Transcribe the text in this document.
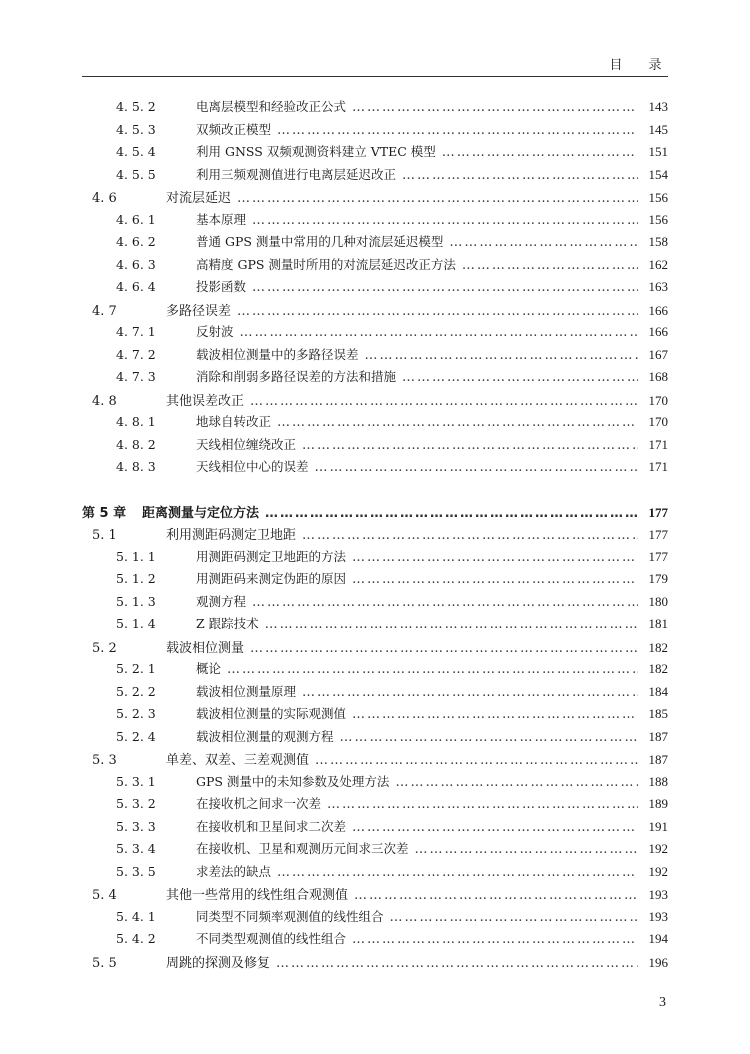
目　录
4. 5. 2	电离层模型和经验改正公式 ……………………………………………………………………………………………………………………………………………………………………………………………	143
4. 5. 3	双频改正模型 ……………………………………………………………………………………………………………………………………………………………………………………………	145
4. 5. 4	利用 GNSS 双频观测资料建立 VTEC 模型 ……………………………………………………………………………………………………………………………………………………………………………………………	151
4. 5. 5	利用三频观测值进行电离层延迟改正 ……………………………………………………………………………………………………………………………………………………………………………………………	154
4. 6	对流层延迟 ……………………………………………………………………………………………………………………………………………………………………………………………	156
4. 6. 1	基本原理 ……………………………………………………………………………………………………………………………………………………………………………………………	156
4. 6. 2	普通 GPS 测量中常用的几种对流层延迟模型 ……………………………………………………………………………………………………………………………………………………………………………………………	158
4. 6. 3	高精度 GPS 测量时所用的对流层延迟改正方法 ……………………………………………………………………………………………………………………………………………………………………………………………	162
4. 6. 4	投影函数 ……………………………………………………………………………………………………………………………………………………………………………………………	163
4. 7	多路径误差 ……………………………………………………………………………………………………………………………………………………………………………………………	166
4. 7. 1	反射波 ……………………………………………………………………………………………………………………………………………………………………………………………	166
4. 7. 2	载波相位测量中的多路径误差 ……………………………………………………………………………………………………………………………………………………………………………………………	167
4. 7. 3	消除和削弱多路径误差的方法和措施 ……………………………………………………………………………………………………………………………………………………………………………………………	168
4. 8	其他误差改正 ……………………………………………………………………………………………………………………………………………………………………………………………	170
4. 8. 1	地球自转改正 ……………………………………………………………………………………………………………………………………………………………………………………………	170
4. 8. 2	天线相位缠绕改正 ……………………………………………………………………………………………………………………………………………………………………………………………	171
4. 8. 3	天线相位中心的误差 ……………………………………………………………………………………………………………………………………………………………………………………………	171
第 5 章	距离测量与定位方法 ……………………………………………………………………………………………………………………………………………………………………………………………	177
5. 1	利用测距码测定卫地距 ……………………………………………………………………………………………………………………………………………………………………………………………	177
5. 1. 1	用测距码测定卫地距的方法 ……………………………………………………………………………………………………………………………………………………………………………………………	177
5. 1. 2	用测距码来测定伪距的原因 ……………………………………………………………………………………………………………………………………………………………………………………………	179
5. 1. 3	观测方程 ……………………………………………………………………………………………………………………………………………………………………………………………	180
5. 1. 4	Z 跟踪技术 ……………………………………………………………………………………………………………………………………………………………………………………………	181
5. 2	载波相位测量 ……………………………………………………………………………………………………………………………………………………………………………………………	182
5. 2. 1	概论 ……………………………………………………………………………………………………………………………………………………………………………………………	182
5. 2. 2	载波相位测量原理 ……………………………………………………………………………………………………………………………………………………………………………………………	184
5. 2. 3	载波相位测量的实际观测值 ……………………………………………………………………………………………………………………………………………………………………………………………	185
5. 2. 4	载波相位测量的观测方程 ……………………………………………………………………………………………………………………………………………………………………………………………	187
5. 3	单差、双差、三差观测值 ……………………………………………………………………………………………………………………………………………………………………………………………	187
5. 3. 1	GPS 测量中的未知参数及处理方法 ……………………………………………………………………………………………………………………………………………………………………………………………	188
5. 3. 2	在接收机之间求一次差 ……………………………………………………………………………………………………………………………………………………………………………………………	189
5. 3. 3	在接收机和卫星间求二次差 ……………………………………………………………………………………………………………………………………………………………………………………………	191
5. 3. 4	在接收机、卫星和观测历元间求三次差 ……………………………………………………………………………………………………………………………………………………………………………………………	192
5. 3. 5	求差法的缺点 ……………………………………………………………………………………………………………………………………………………………………………………………	192
5. 4	其他一些常用的线性组合观测值 ……………………………………………………………………………………………………………………………………………………………………………………………	193
5. 4. 1	同类型不同频率观测值的线性组合 ……………………………………………………………………………………………………………………………………………………………………………………………	193
5. 4. 2	不同类型观测值的线性组合 ……………………………………………………………………………………………………………………………………………………………………………………………	194
5. 5	周跳的探测及修复 ……………………………………………………………………………………………………………………………………………………………………………………………	196
3
